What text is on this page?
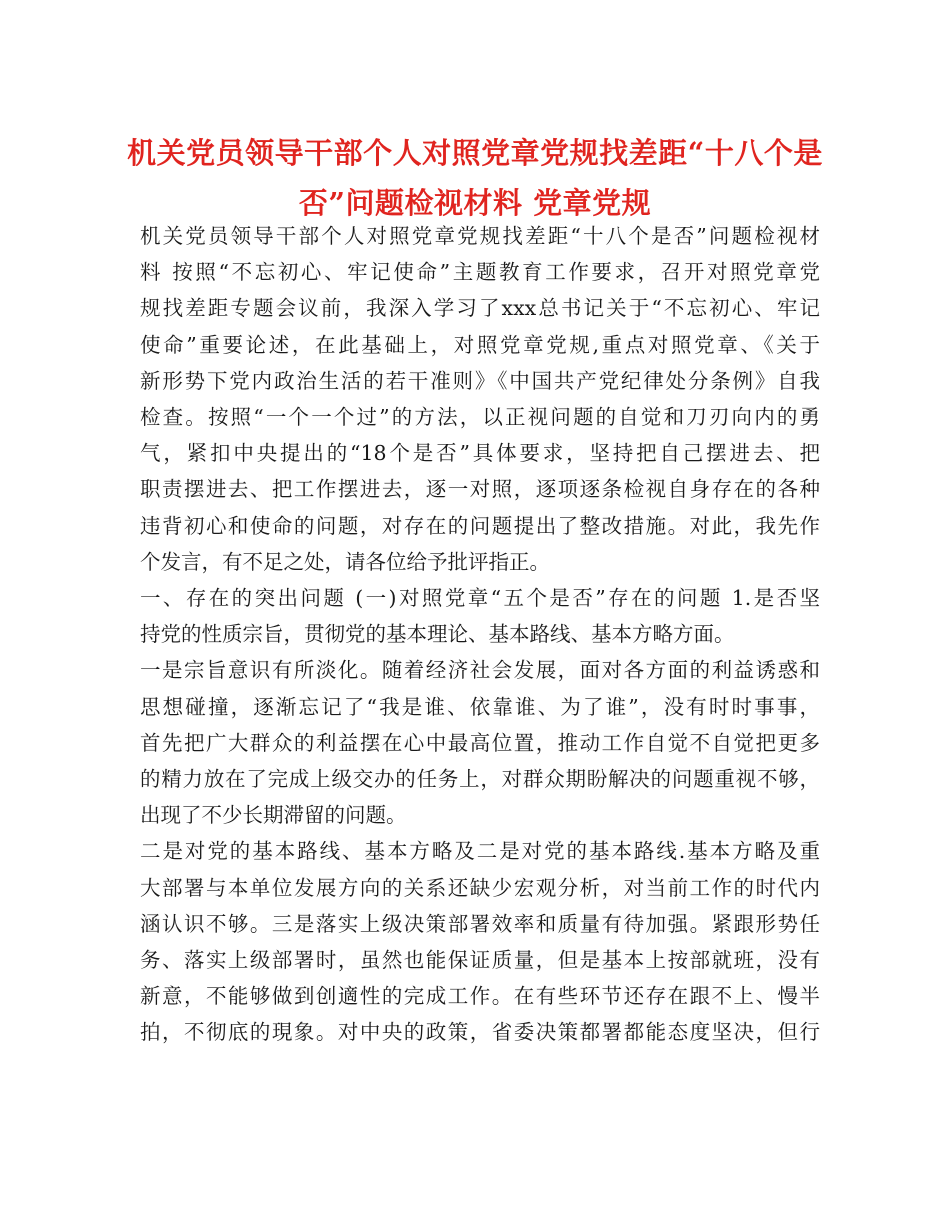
机关党员领导干部个人对照党章党规找差距“十八个是
否”问题检视材料 党章党规

机关党员领导干部个人对照党章党规找差距“十八个是否”问题检视材
料 按照“不忘初心、牢记使命”主题教育工作要求，召开对照党章党
规找差距专题会议前，我深入学习了xxx总书记关于“不忘初心、牢记
使命”重要论述，在此基础上，对照党章党规,重点对照党章、《关于
新形势下党内政治生活的若干准则》《中国共产党纪律处分条例》自我
检查。按照“一个一个过”的方法，以正视问题的自觉和刀刃向内的勇
气，紧扣中央提出的“18个是否”具体要求，坚持把自己摆进去、把
职责摆进去、把工作摆进去，逐一对照，逐项逐条检视自身存在的各种
违背初心和使命的问题，对存在的问题提出了整改措施。对此，我先作
个发言，有不足之处，请各位给予批评指正。

一、存在的突出问题 (一)对照党章“五个是否”存在的问题 1.是否坚
持党的性质宗旨，贯彻党的基本理论、基本路线、基本方略方面。

一是宗旨意识有所淡化。随着经济社会发展，面对各方面的利益诱惑和
思想碰撞，逐渐忘记了“我是谁、依靠谁、为了谁”，没有时时事事，
首先把广大群众的利益摆在心中最高位置，推动工作自觉不自觉把更多
的精力放在了完成上级交办的任务上，对群众期盼解决的问题重视不够，
出现了不少长期滞留的问题。

二是对党的基本路线、基本方略及二是对党的基本路线.基本方略及重
大部署与本单位发展方向的关系还缺少宏观分析，对当前工作的时代内
涵认识不够。三是落实上级决策部署效率和质量有待加强。紧跟形势任
务、落实上级部署时，虽然也能保证质量，但是基本上按部就班，没有
新意，不能够做到创適性的完成工作。在有些环节还存在跟不上、慢半
拍，不彻底的現象。对中央的政策，省委决策都署都能态度坚决，但行
